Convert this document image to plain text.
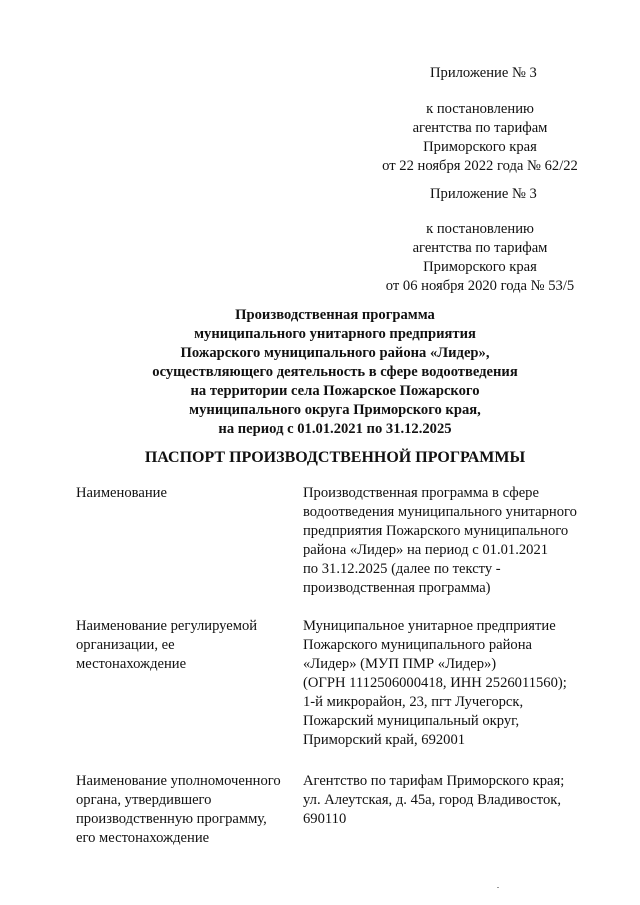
Приложение № 3
к постановлению
агентства по тарифам
Приморского края
от 22 ноября 2022 года № 62/22
Приложение № 3
к постановлению
агентства по тарифам
Приморского края
от 06 ноября 2020 года № 53/5
Производственная программа
муниципального унитарного предприятия
Пожарского муниципального района «Лидер»,
осуществляющего деятельность в сфере водоотведения
на территории села Пожарское Пожарского
муниципального округа Приморского края,
на период с 01.01.2021 по 31.12.2025
ПАСПОРТ ПРОИЗВОДСТВЕННОЙ ПРОГРАММЫ
Наименование	Производственная программа в сфере
водоотведения муниципального унитарного
предприятия Пожарского муниципального
района «Лидер» на период с 01.01.2021
по 31.12.2025 (далее по тексту -
производственная программа)
Наименование регулируемой
организации, ее
местонахождение
Муниципальное унитарное предприятие
Пожарского муниципального района
«Лидер» (МУП ПМР «Лидер»)
(ОГРН 1112506000418, ИНН 2526011560);
1-й микрорайон, 23, пгт Лучегорск,
Пожарский муниципальный округ,
Приморский край, 692001
Наименование уполномоченного
органа, утвердившего
производственную программу,
его местонахождение
Агентство по тарифам Приморского края;
ул. Алеутская, д. 45а, город Владивосток,
690110
